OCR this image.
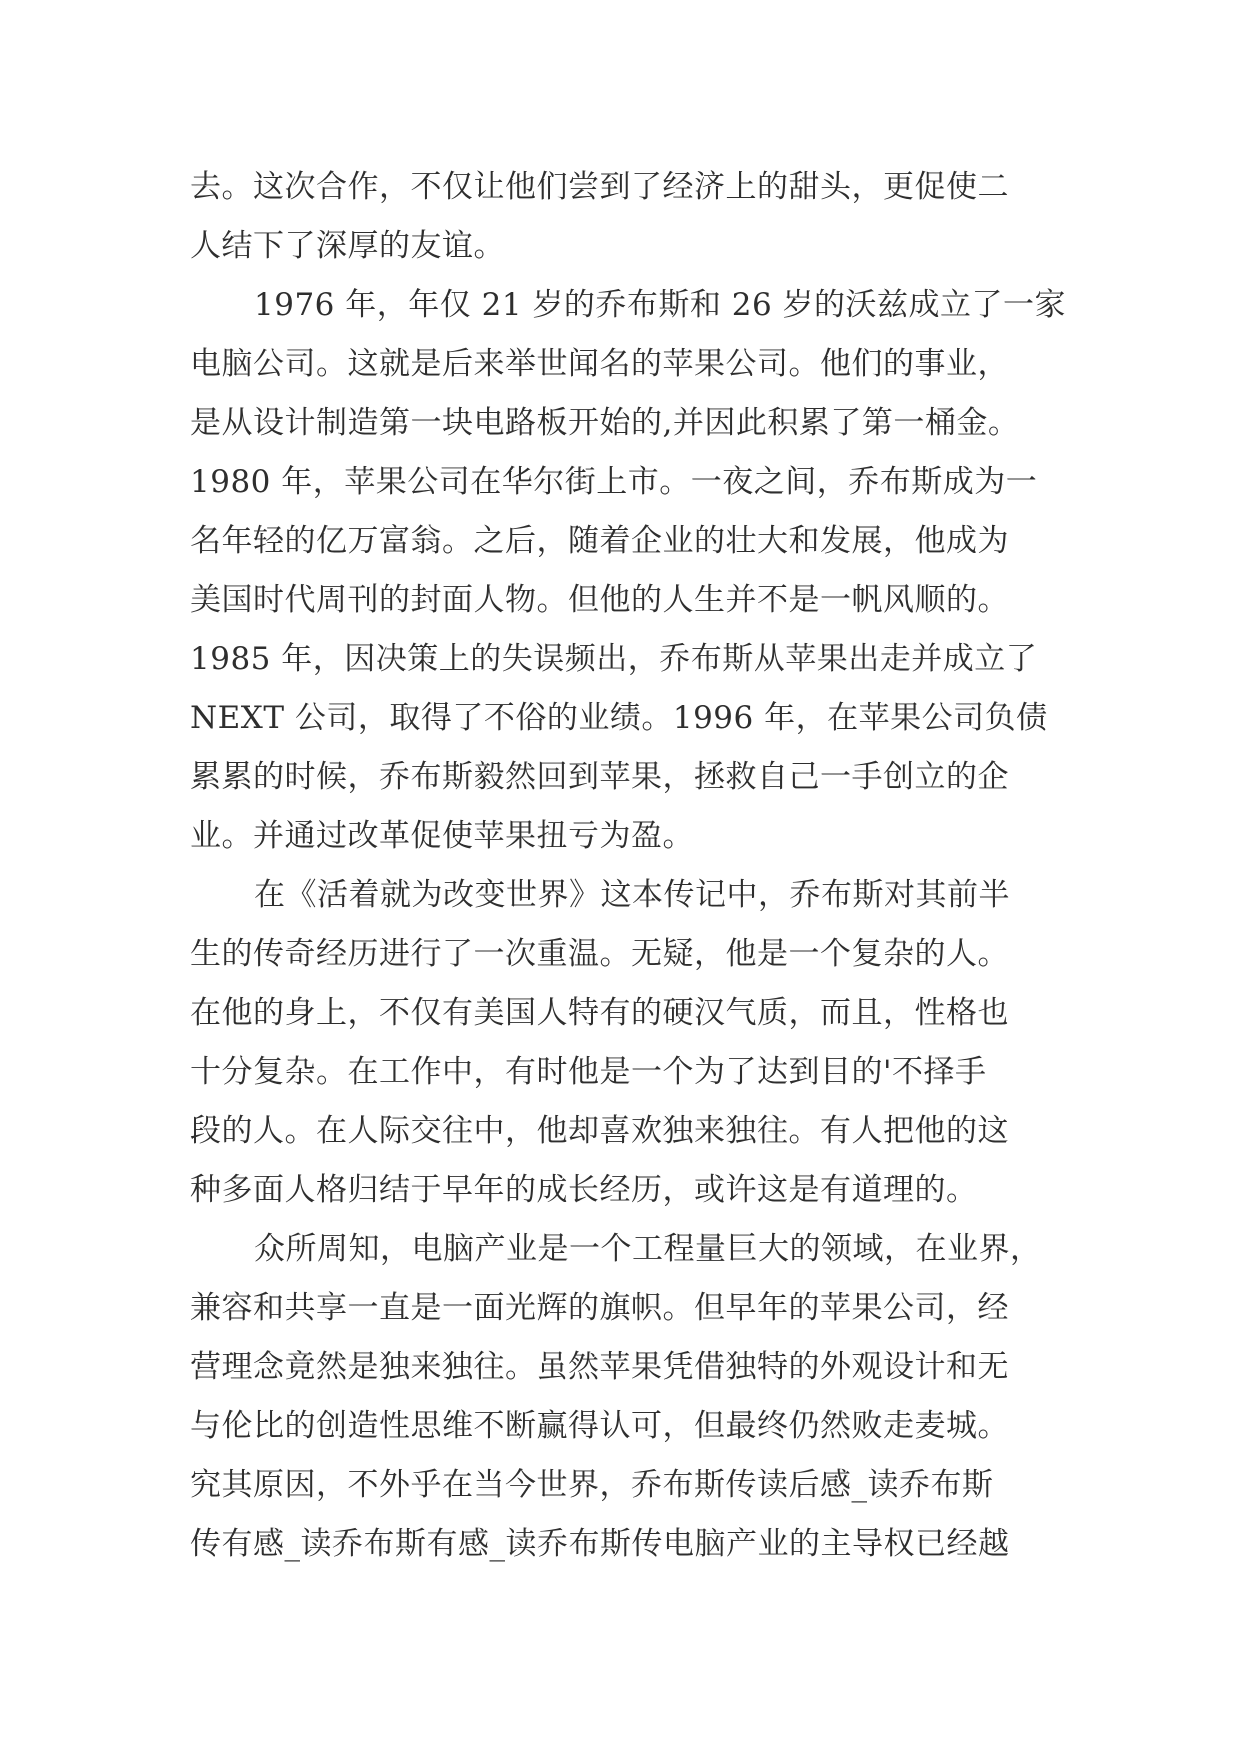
去。这次合作，不仅让他们尝到了经济上的甜头，更促使二
人结下了深厚的友谊。
1976 年，年仅 21 岁的乔布斯和 26 岁的沃兹成立了一家
电脑公司。这就是后来举世闻名的苹果公司。他们的事业，
是从设计制造第一块电路板开始的,并因此积累了第一桶金。
1980 年，苹果公司在华尔街上市。一夜之间，乔布斯成为一
名年轻的亿万富翁。之后，随着企业的壮大和发展，他成为
美国时代周刊的封面人物。但他的人生并不是一帆风顺的。
1985 年，因决策上的失误频出，乔布斯从苹果出走并成立了
NEXT 公司，取得了不俗的业绩。1996 年，在苹果公司负债
累累的时候，乔布斯毅然回到苹果，拯救自己一手创立的企
业。并通过改革促使苹果扭亏为盈。
在《活着就为改变世界》这本传记中，乔布斯对其前半
生的传奇经历进行了一次重温。无疑，他是一个复杂的人。
在他的身上，不仅有美国人特有的硬汉气质，而且，性格也
十分复杂。在工作中，有时他是一个为了达到目的'不择手
段的人。在人际交往中，他却喜欢独来独往。有人把他的这
种多面人格归结于早年的成长经历，或许这是有道理的。
众所周知，电脑产业是一个工程量巨大的领域，在业界，
兼容和共享一直是一面光辉的旗帜。但早年的苹果公司，经
营理念竟然是独来独往。虽然苹果凭借独特的外观设计和无
与伦比的创造性思维不断赢得认可，但最终仍然败走麦城。
究其原因，不外乎在当今世界，乔布斯传读后感_读乔布斯
传有感_读乔布斯有感_读乔布斯传电脑产业的主导权已经越
